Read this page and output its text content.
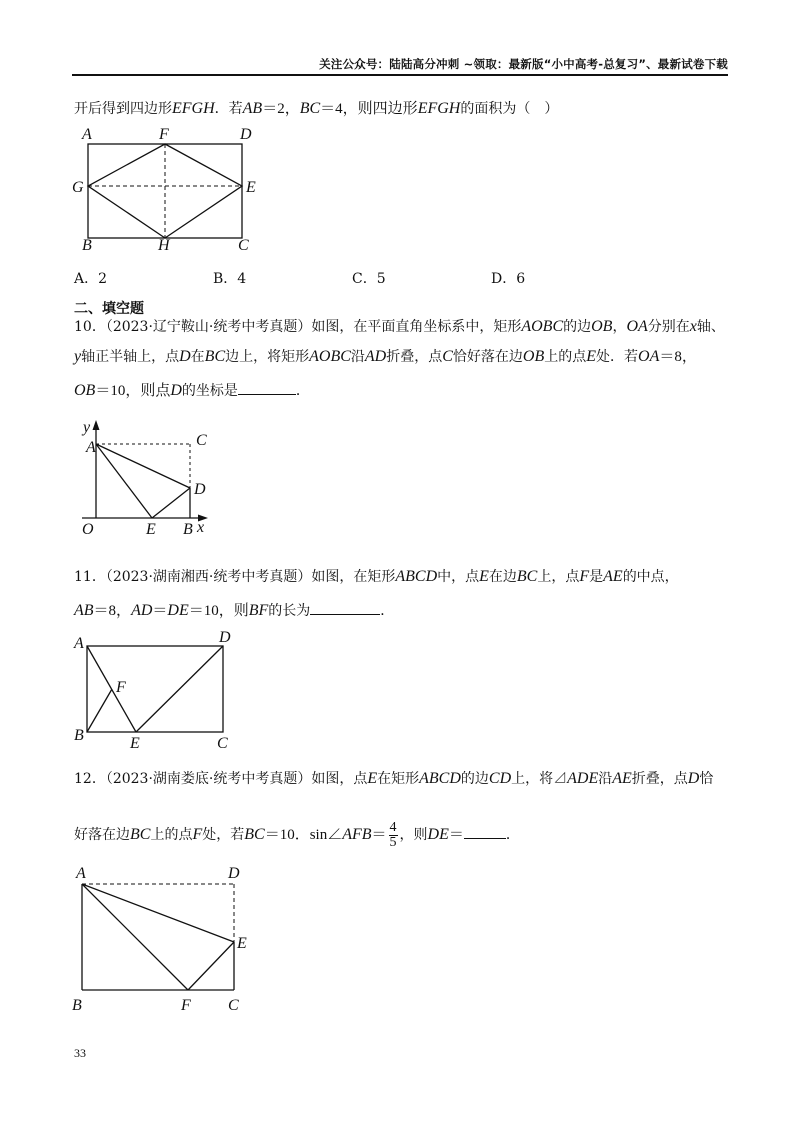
关注公众号：陆陆高分冲刺 ~领取：最新版“小中高考-总复习”、最新试卷下载
开后得到四边形EFGH．若AB＝2，BC＝4，则四边形EFGH的面积为（　）
A	F	D
G	E
B	H	C
A．2	B．4	C．5	D．6
二、填空题
10．（2023·辽宁鞍山·统考中考真题）如图，在平面直角坐标系中，矩形AOBC的边OB，OA分别在x轴、
y轴正半轴上，点D在BC边上，将矩形AOBC沿AD折叠，点C恰好落在边OB上的点E处．若OA＝8，
OB＝10，则点D的坐标是	．
y
A	C
D
O	E B x
11．（2023·湖南湘西·统考中考真题）如图，在矩形ABCD中，点E在边BC上，点F是AE的中点，
AB＝8，AD＝DE＝10，则BF的长为	．
A	D
F
B	E	C
12．（2023·湖南娄底·统考中考真题）如图，点E在矩形ABCD的边CD上，将⊿ADE沿AE折叠，点D恰
好落在边BC上的点F处，若BC＝10．sin∠AFB＝ $\frac{4}{5}$ ，则DE＝	．
A	D
E
B	F C
33
